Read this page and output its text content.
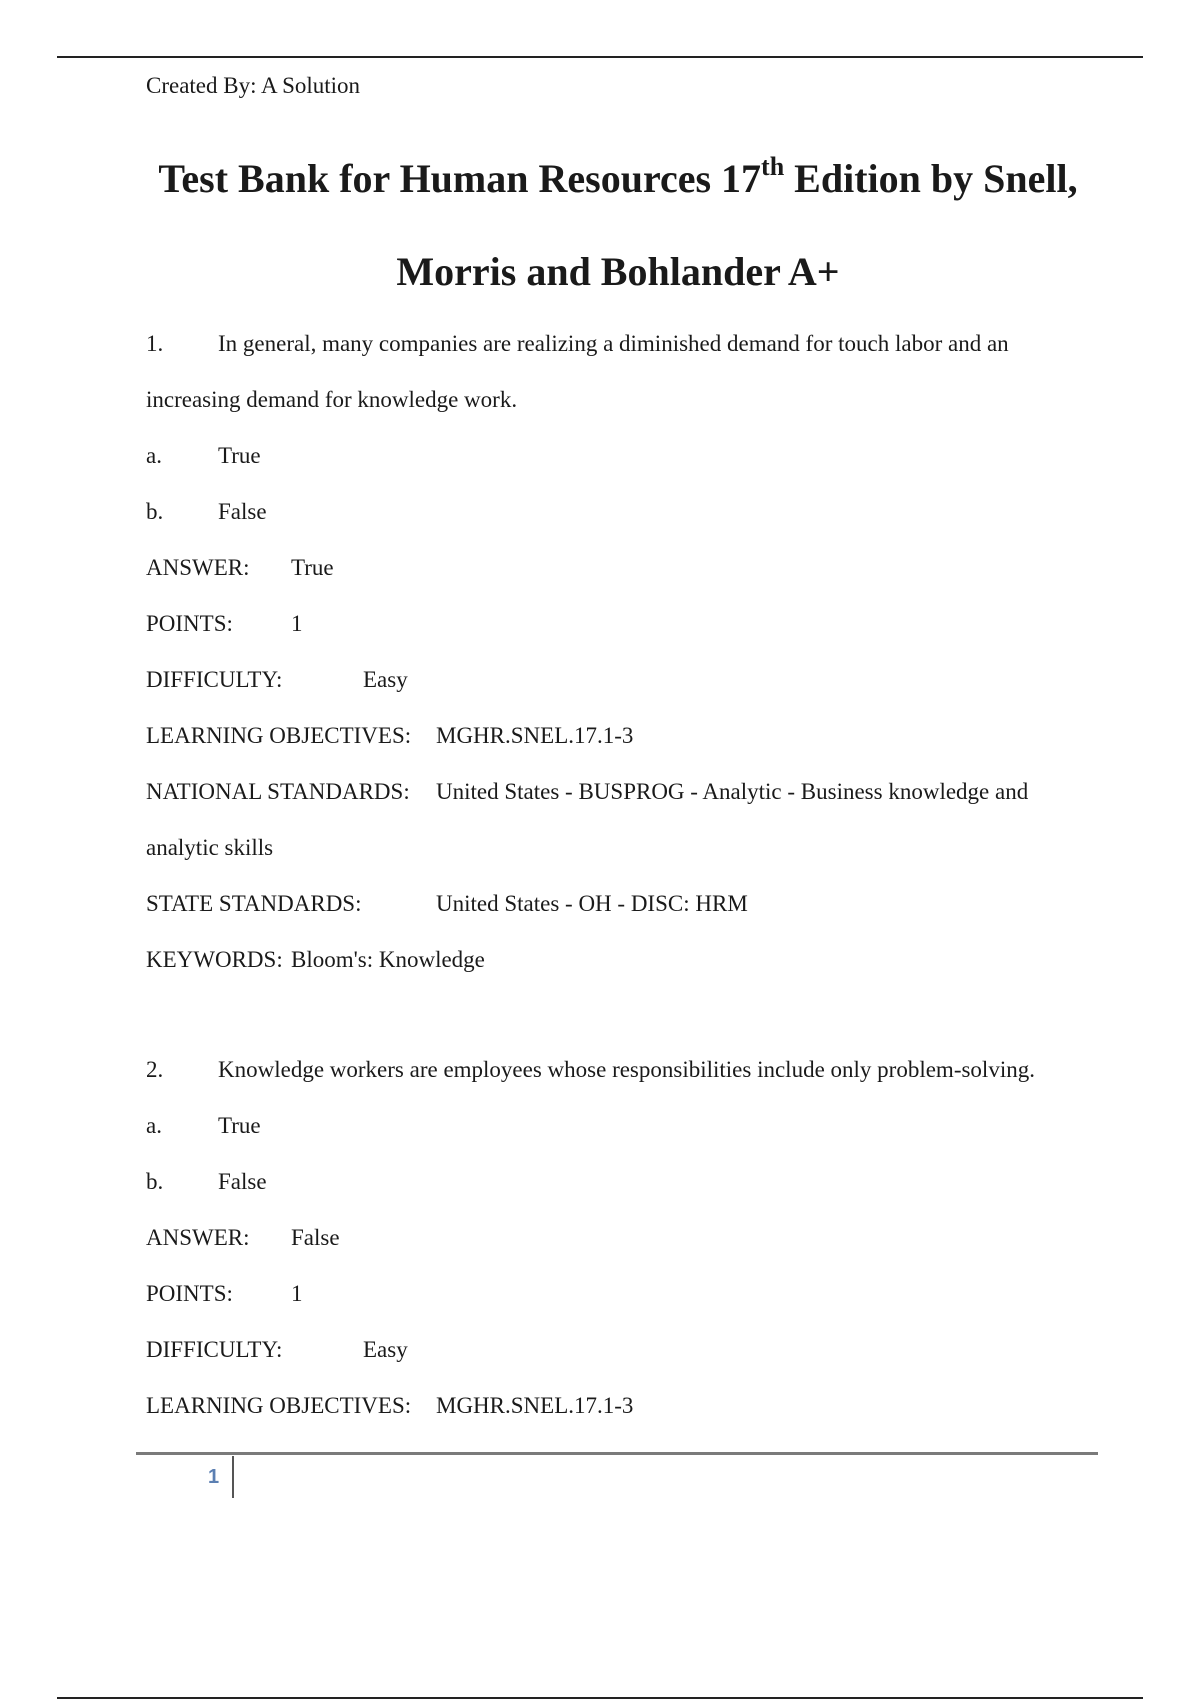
Created By: A Solution
Test Bank for Human Resources 17th Edition by Snell,
Morris and Bohlander A+
1. In general, many companies are realizing a diminished demand for touch labor and an
increasing demand for knowledge work.
a. True
b. False
ANSWER: True
POINTS:	1
DIFFICULTY:	Easy
LEARNING OBJECTIVES: MGHR.SNEL.17.1-3
NATIONAL STANDARDS: United States - BUSPROG - Analytic - Business knowledge and
analytic skills
STATE STANDARDS:	United States - OH - DISC: HRM
KEYWORDS: Bloom's: Knowledge
2. Knowledge workers are employees whose responsibilities include only problem-solving.
a. True
b. False
ANSWER: False
POINTS:	1
DIFFICULTY:	Easy
LEARNING OBJECTIVES: MGHR.SNEL.17.1-3
1
